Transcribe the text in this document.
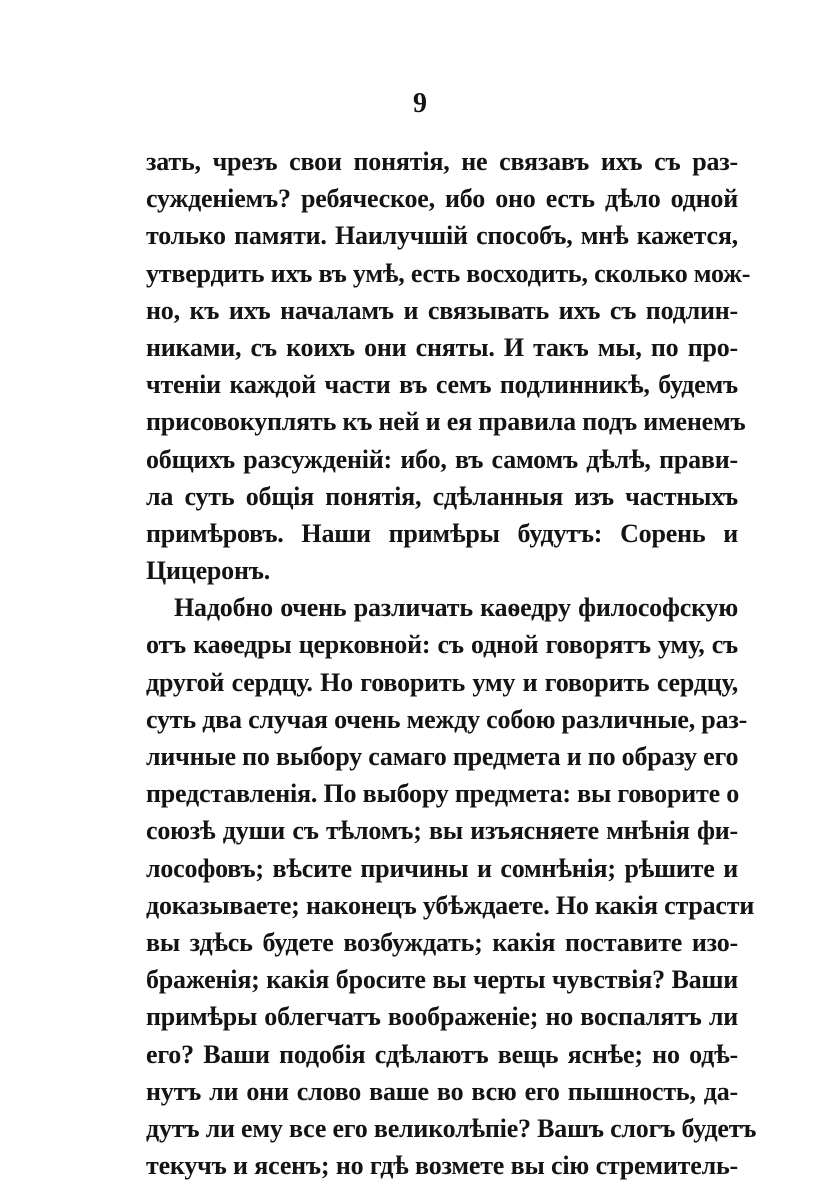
9
зать, чрезъ свои понятія, не связавъ ихъ съ раз-
сужденіемъ? ребяческое, ибо оно есть дѣло одной
только памяти. Наилучшій способъ, мнѣ кажется,
утвердить ихъ въ умѣ, есть восходить, сколько мож-
но, къ ихъ началамъ и связывать ихъ съ подлин-
никами, съ коихъ они сняты. И такъ мы, по про-
чтеніи каждой части въ семъ подлинникѣ, будемъ
присовокуплять къ ней и ея правила подъ именемъ
общихъ разсужденій: ибо, въ самомъ дѣлѣ, прави-
ла суть общія понятія, сдѣланныя изъ частныхъ
примѣровъ. Наши примѣры будутъ: Сорень и
Цицеронъ.
Надобно очень различать каѳедру философскую
отъ каѳедры церковной: съ одной говорятъ уму, съ
другой сердцу. Но говорить уму и говорить сердцу,
суть два случая очень между собою различные, раз-
личные по выбору самаго предмета и по образу его
представленія. По выбору предмета: вы говорите о
союзѣ души съ тѣломъ; вы изъясняете мнѣнія фи-
лософовъ; вѣсите причины и сомнѣнія; рѣшите и
доказываете; наконецъ убѣждаете. Но какія страсти
вы здѣсь будете возбуждать; какія поставите изо-
браженія; какія бросите вы черты чувствія? Ваши
примѣры облегчатъ воображеніе; но воспалятъ ли
его? Ваши подобія сдѣлаютъ вещь яснѣе; но одѣ-
нутъ ли они слово ваше во всю его пышность, да-
дутъ ли ему все его великолѣпіе? Вашъ слогъ будетъ
текучъ и ясенъ; но гдѣ возмете вы сію стремитель-
